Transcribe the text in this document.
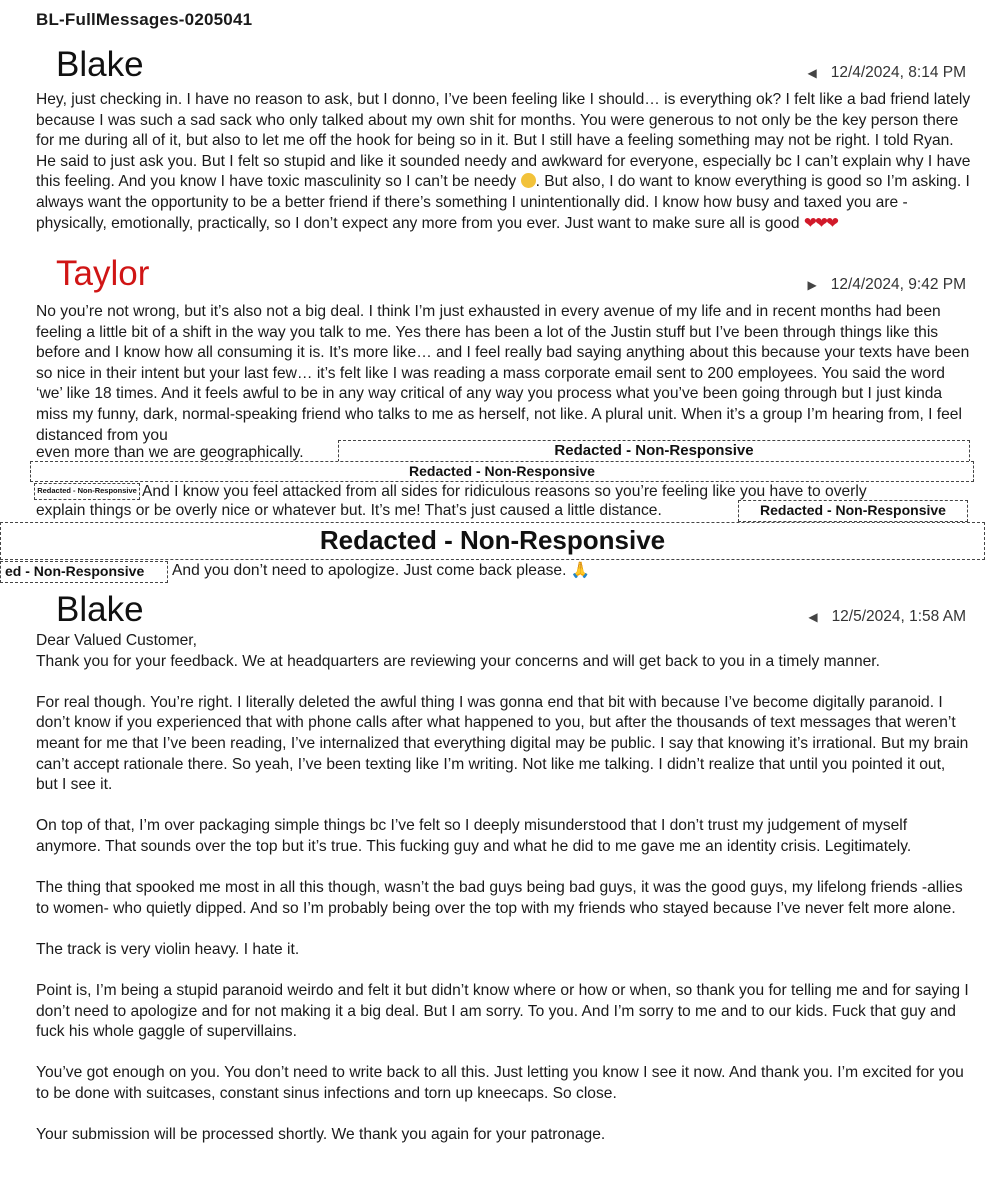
BL-FullMessages-0205041
Blake	◀ 12/4/2024, 8:14 PM
Hey, just checking in. I have no reason to ask, but I donno, I’ve been feeling like I should… is everything ok? I felt like a bad friend lately because I was such a sad sack who only talked about my own shit for months. You were generous to not only be the key person there for me during all of it, but also to let me off the hook for being so in it. But I still have a feeling something may not be right. I told Ryan. He said to just ask you. But I felt so stupid and like it sounded needy and awkward for everyone, especially bc I can’t explain why I have this feeling. And you know I have toxic masculinity so I can’t be needy . But also, I do want to know everything is good so I’m asking. I always want the opportunity to be a better friend if there’s something I unintentionally did. I know how busy and taxed you are - physically, emotionally, practically, so I don’t expect any more from you ever. Just want to make sure all is good ❤❤❤
Taylor	▶ 12/4/2024, 9:42 PM
No you’re not wrong, but it’s also not a big deal. I think I’m just exhausted in every avenue of my life and in recent months had been feeling a little bit of a shift in the way you talk to me. Yes there has been a lot of the Justin stuff but I’ve been through things like this before and I know how all consuming it is. It’s more like… and I feel really bad saying anything about this because your texts have been so nice in their intent but your last few… it’s felt like I was reading a mass corporate email sent to 200 employees. You said the word ‘we’ like 18 times. And it feels awful to be in any way critical of any way you process what you’ve been going through but I just kinda miss my funny, dark, normal-speaking friend who talks to me as herself, not like. A plural unit. When it’s a group I’m hearing from, I feel distanced from you
even more than we are geographically.	Redacted - Non-Responsive
Redacted - Non-Responsive
Redacted - Non-Responsive And I know you feel attacked from all sides for ridiculous reasons so you’re feeling like you have to overly
explain things or be overly nice or whatever but. It’s me! That’s just caused a little distance.	Redacted - Non-Responsive
Redacted - Non-Responsive
ed - Non-Responsive	And you don’t need to apologize. Just come back please. 🙏
Blake	◀ 12/5/2024, 1:58 AM
Dear Valued Customer,
Thank you for your feedback. We at headquarters are reviewing your concerns and will get back to you in a timely manner.
For real though. You’re right. I literally deleted the awful thing I was gonna end that bit with because I’ve become digitally paranoid. I don’t know if you experienced that with phone calls after what happened to you, but after the thousands of text messages that weren’t meant for me that I’ve been reading, I’ve internalized that everything digital may be public. I say that knowing it’s irrational. But my brain can’t accept rationale there. So yeah, I’ve been texting like I’m writing. Not like me talking. I didn’t realize that until you pointed it out, but I see it.
On top of that, I’m over packaging simple things bc I’ve felt so I deeply misunderstood that I don’t trust my judgement of myself anymore. That sounds over the top but it’s true. This fucking guy and what he did to me gave me an identity crisis. Legitimately.
The thing that spooked me most in all this though, wasn’t the bad guys being bad guys, it was the good guys, my lifelong friends -allies to women- who quietly dipped. And so I’m probably being over the top with my friends who stayed because I’ve never felt more alone.
The track is very violin heavy. I hate it.
Point is, I’m being a stupid paranoid weirdo and felt it but didn’t know where or how or when, so thank you for telling me and for saying I don’t need to apologize and for not making it a big deal. But I am sorry. To you. And I’m sorry to me and to our kids. Fuck that guy and fuck his whole gaggle of supervillains.
You’ve got enough on you. You don’t need to write back to all this. Just letting you know I see it now. And thank you. I’m excited for you to be done with suitcases, constant sinus infections and torn up kneecaps. So close.
Your submission will be processed shortly. We thank you again for your patronage.
